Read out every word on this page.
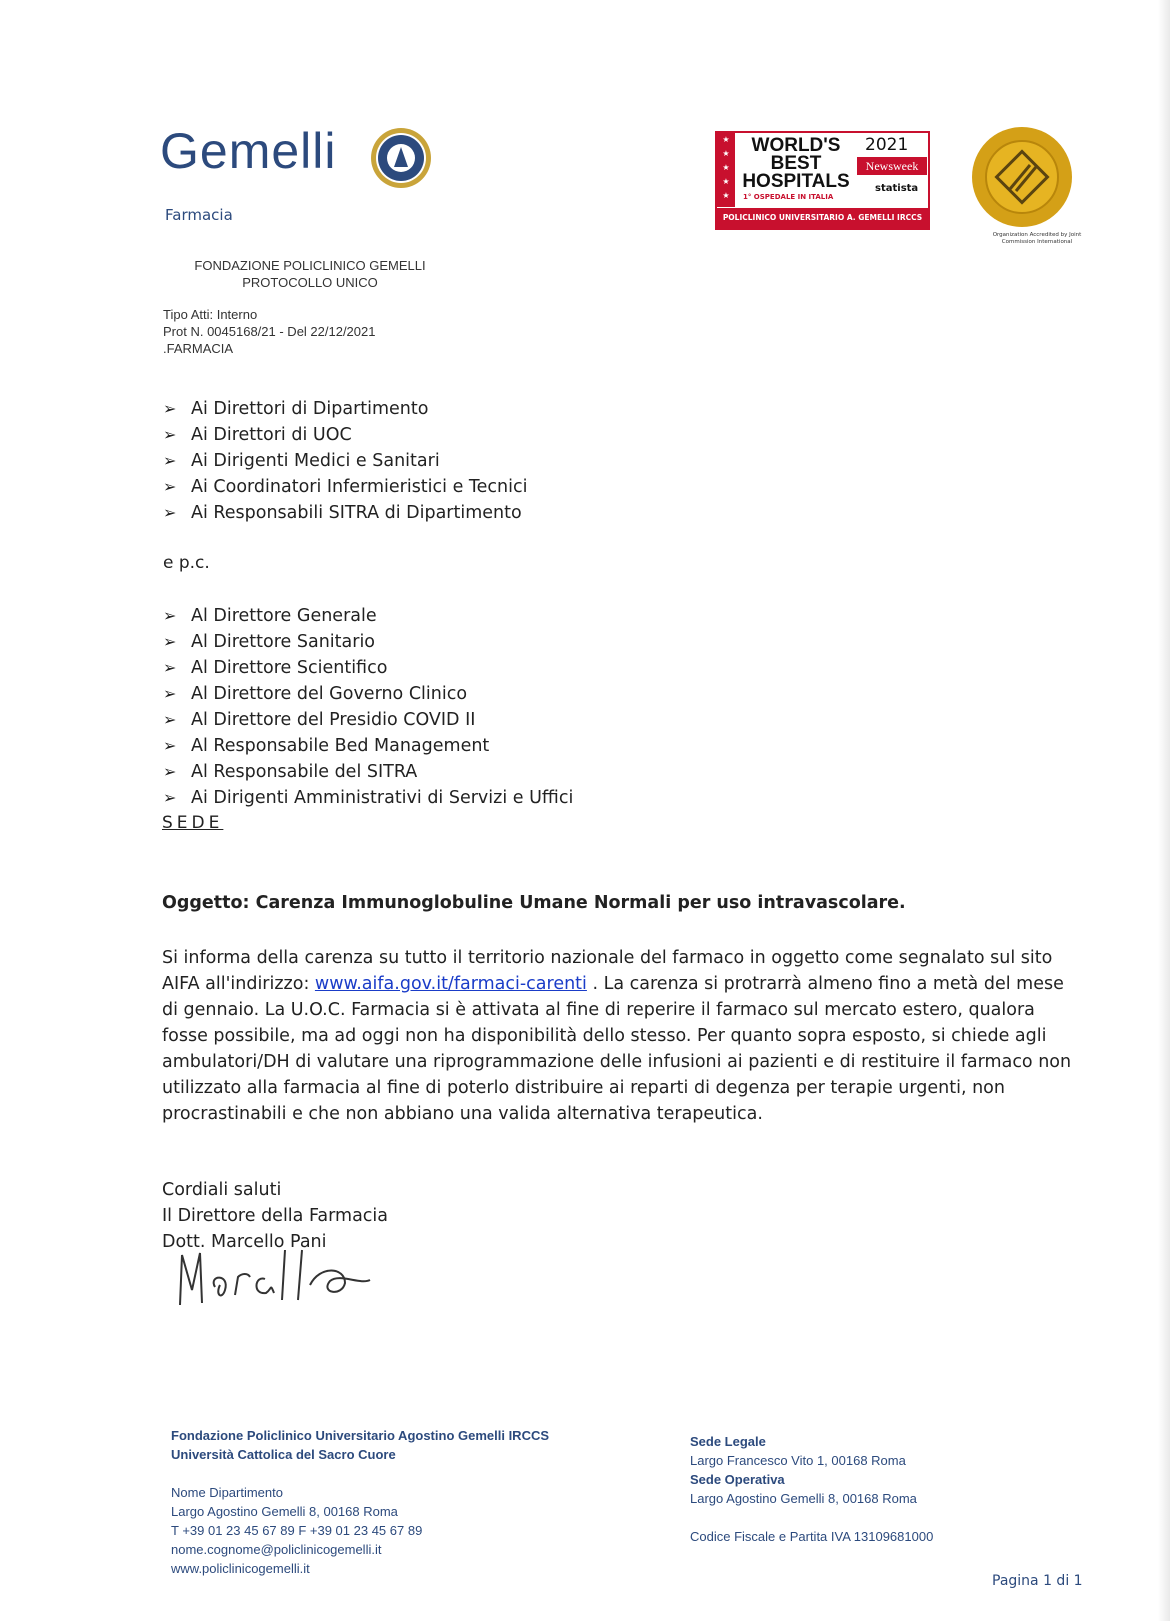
Gemelli
Farmacia
★
★
★
★
★
WORLD'S
BEST
HOSPITALS
1° OSPEDALE IN ITALIA
2021
Newsweek
statista
POLICLINICO UNIVERSITARIO A. GEMELLI IRCCS
Organization Accredited by Joint Commission International
FONDAZIONE POLICLINICO GEMELLI
PROTOCOLLO UNICO
Tipo Atti: Interno
Prot N. 0045168/21 - Del 22/12/2021
.FARMACIA
➢ Ai Direttori di Dipartimento
➢ Ai Direttori di UOC
➢ Ai Dirigenti Medici e Sanitari
➢ Ai Coordinatori Infermieristici e Tecnici
➢ Ai Responsabili SITRA di Dipartimento
e p.c.
➢ Al Direttore Generale
➢ Al Direttore Sanitario
➢ Al Direttore Scientifico
➢ Al Direttore del Governo Clinico
➢ Al Direttore del Presidio COVID II
➢ Al Responsabile Bed Management
➢ Al Responsabile del SITRA
➢ Ai Dirigenti Amministrativi di Servizi e Uffici
SEDE
Oggetto: Carenza Immunoglobuline Umane Normali per uso intravascolare.

Si informa della carenza su tutto il territorio nazionale del farmaco in oggetto come segnalato sul sito AIFA all'indirizzo: www.aifa.gov.it/farmaci-carenti . La carenza si protrarrà almeno fino a metà del mese di gennaio. La U.O.C. Farmacia si è attivata al fine di reperire il farmaco sul mercato estero, qualora fosse possibile, ma ad oggi non ha disponibilità dello stesso. Per quanto sopra esposto, si chiede agli ambulatori/DH di valutare una riprogrammazione delle infusioni ai pazienti e di restituire il farmaco non utilizzato alla farmacia al fine di poterlo distribuire ai reparti di degenza per terapie urgenti, non procrastinabili e che non abbiano una valida alternativa terapeutica.

Cordiali saluti
Il Direttore della Farmacia
Dott. Marcello Pani
Fondazione Policlinico Universitario Agostino Gemelli IRCCS
Università Cattolica del Sacro Cuore
Nome Dipartimento
Largo Agostino Gemelli 8, 00168 Roma
T +39 01 23 45 67 89 F +39 01 23 45 67 89
nome.cognome@policlinicogemelli.it
www.policlinicogemelli.it
Sede Legale
Largo Francesco Vito 1, 00168 Roma
Sede Operativa
Largo Agostino Gemelli 8, 00168 Roma
Codice Fiscale e Partita IVA 13109681000
Pagina 1 di 1
